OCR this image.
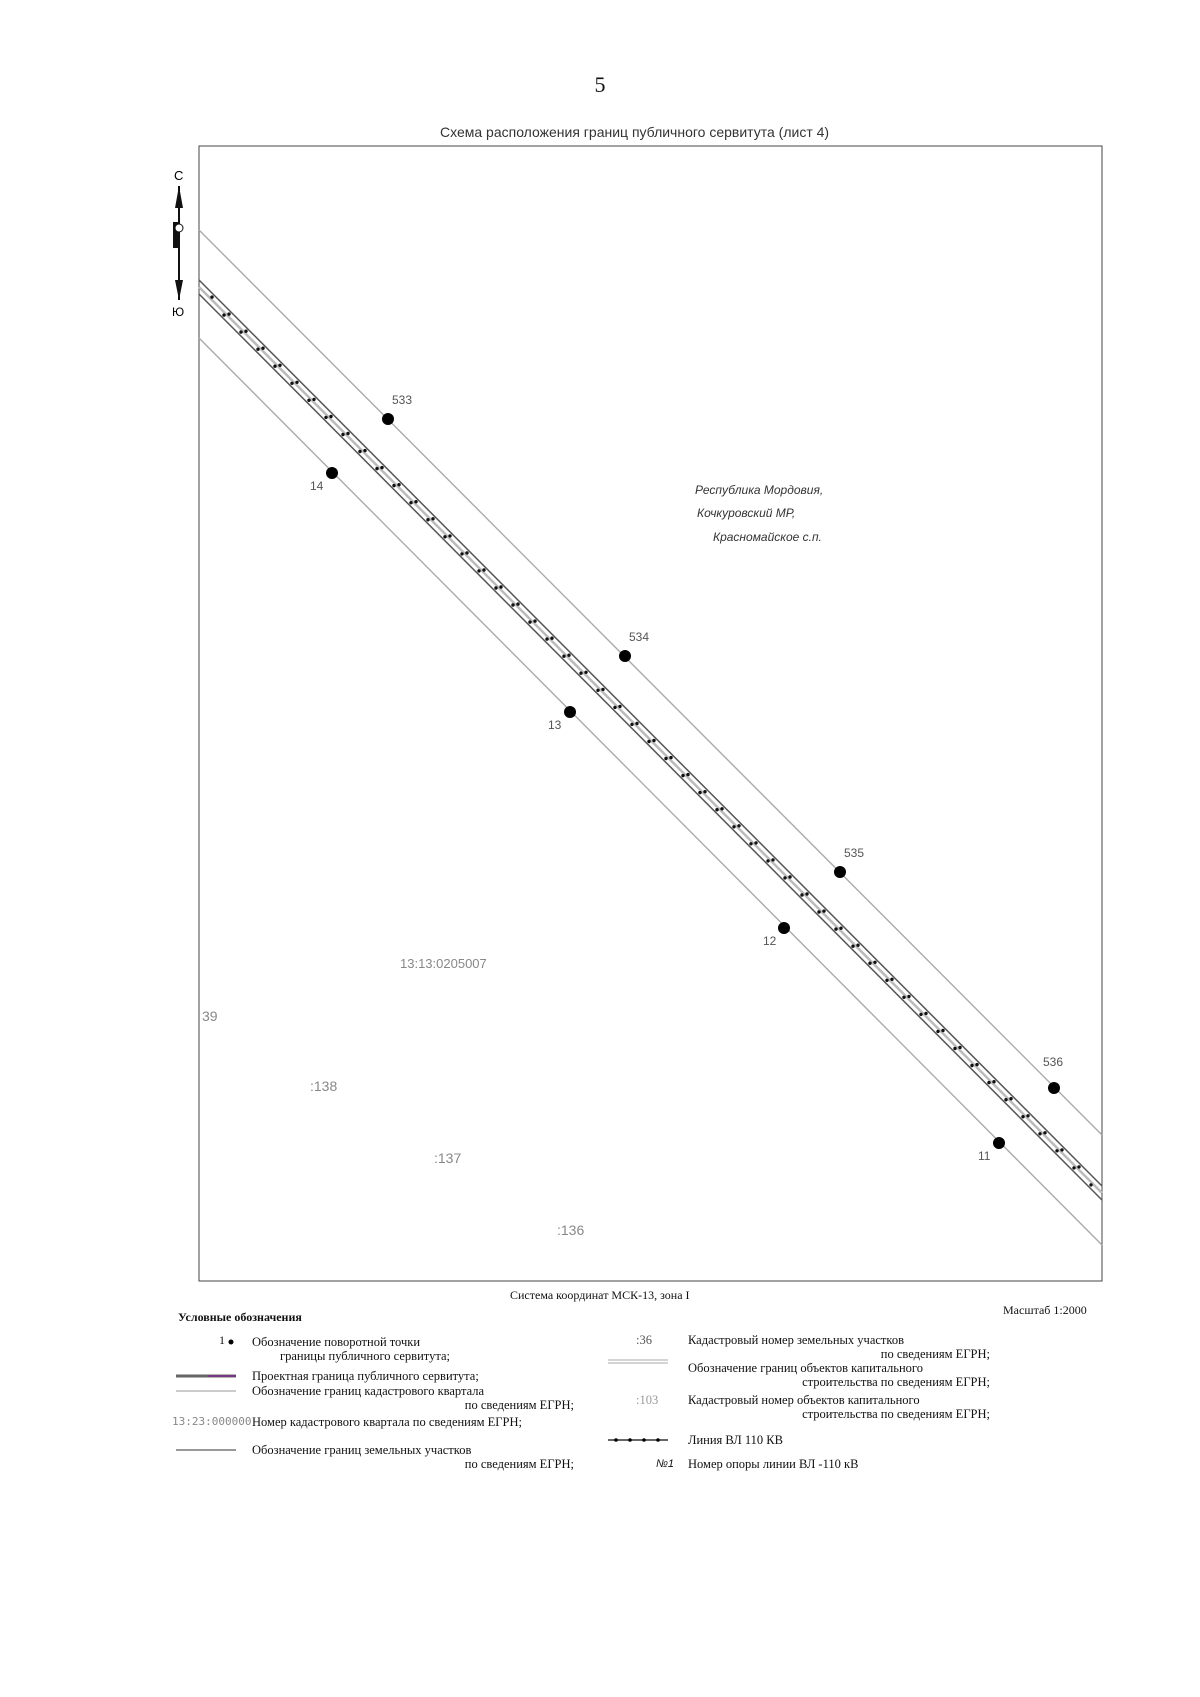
5
Схема расположения границ публичного сервитута (лист 4)
С
Ю
533
534
535
536
14
13
12
11
13:13:0205007
39
:138
:137
:136
Республика Мордовия,
Кочкуровский МР,
Красномайское с.п.
Система координат МСК-13, зона I
Масштаб 1:2000
Условные обозначения
1 Обозначение поворотной точки
границы публичного сервитута;
Проектная граница публичного сервитута;
Обозначение границ кадастрового квартала
по сведениям ЕГРН;
13:23:000000 Номер кадастрового квартала по сведениям ЕГРН;
Обозначение границ земельных участков
по сведениям ЕГРН;
:36	Кадастровый номер земельных участков
по сведениям ЕГРН;
Обозначение границ объектов капитального
строительства по сведениям ЕГРН;
:103 Кадастровый номер объектов капитального
строительства по сведениям ЕГРН;
Линия ВЛ 110 КВ
№1 Номер опоры линии ВЛ -110 кВ
